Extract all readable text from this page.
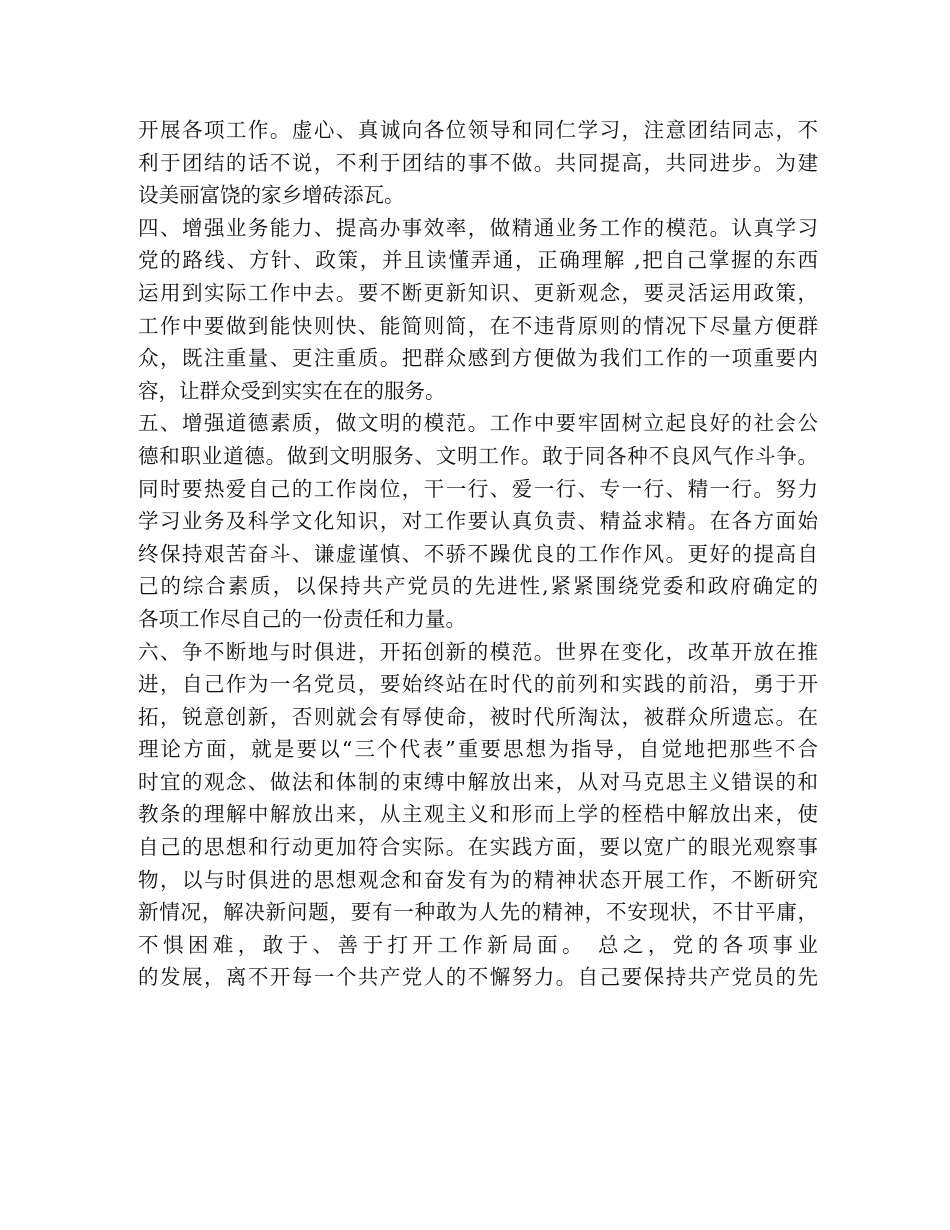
开展各项工作。虚心、真诚向各位领导和同仁学习，注意团结同志，不
利于团结的话不说，不利于团结的事不做。共同提高，共同进步。为建
设美丽富饶的家乡增砖添瓦。
四、增强业务能力、提高办事效率，做精通业务工作的模范。认真学习
党的路线、方针、政策，并且读懂弄通，正确理解 ,把自己掌握的东西
运用到实际工作中去。要不断更新知识、更新观念，要灵活运用政策，
工作中要做到能快则快、能简则简，在不违背原则的情况下尽量方便群
众，既注重量、更注重质。把群众感到方便做为我们工作的一项重要内
容，让群众受到实实在在的服务。
五、增强道德素质，做文明的模范。工作中要牢固树立起良好的社会公
德和职业道德。做到文明服务、文明工作。敢于同各种不良风气作斗争。
同时要热爱自己的工作岗位，干一行、爱一行、专一行、精一行。努力
学习业务及科学文化知识，对工作要认真负责、精益求精。在各方面始
终保持艰苦奋斗、谦虚谨慎、不骄不躁优良的工作作风。更好的提高自
己的综合素质，以保持共产党员的先进性,紧紧围绕党委和政府确定的
各项工作尽自己的一份责任和力量。
六、争不断地与时俱进，开拓创新的模范。世界在变化，改革开放在推
进，自己作为一名党员，要始终站在时代的前列和实践的前沿，勇于开
拓，锐意创新，否则就会有辱使命，被时代所淘汰，被群众所遗忘。在
理论方面，就是要以“三个代表”重要思想为指导，自觉地把那些不合
时宜的观念、做法和体制的束缚中解放出来，从对马克思主义错误的和
教条的理解中解放出来，从主观主义和形而上学的桎梏中解放出来，使
自己的思想和行动更加符合实际。在实践方面，要以宽广的眼光观察事
物，以与时俱进的思想观念和奋发有为的精神状态开展工作，不断研究
新情况，解决新问题，要有一种敢为人先的精神，不安现状，不甘平庸，
不惧困难，敢于、善于打开工作新局面。 总之，党的各项事业
的发展，离不开每一个共产党人的不懈努力。自己要保持共产党员的先
